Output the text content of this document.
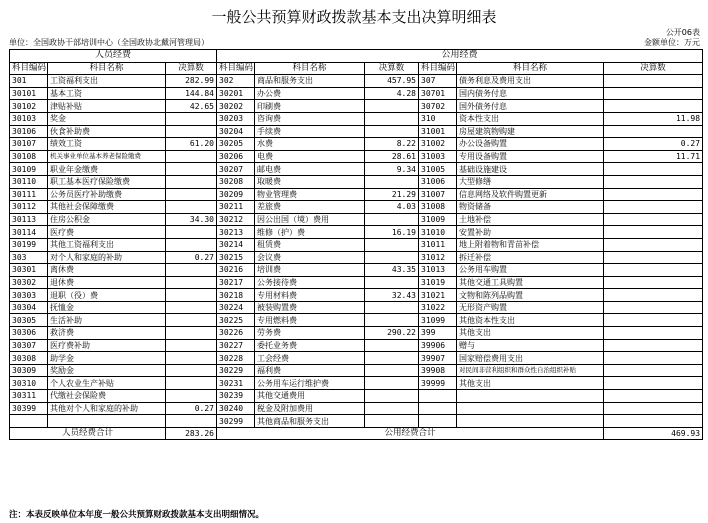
一般公共预算财政拨款基本支出决算明细表
公开06表
单位：全国政协干部培训中心（全国政协北戴河管理局）	金额单位：万元
人员经费			公用经费					
科目编码	科目名称	决算数	科目编码	科目名称	决算数	科目编码	科目名称	决算数
301	工资福利支出	282.99	302	商品和服务支出	457.95	307	债务利息及费用支出	
30101	基本工资	144.84	30201	办公费	4.28	30701	国内债务付息	
30102	津贴补贴	42.65	30202	印刷费		30702	国外债务付息	
30103	奖金		30203	咨询费		310	资本性支出	11.98
30106	伙食补助费		30204	手续费		31001	房屋建筑物购建	
30107	绩效工资	61.20	30205	水费	8.22	31002	办公设备购置	0.27
30108	机关事业单位基本养老保险缴费		30206	电费	28.61	31003	专用设备购置	11.71
30109	职业年金缴费		30207	邮电费	9.34	31005	基础设施建设	
30110	职工基本医疗保险缴费		30208	取暖费		31006	大型修缮	
30111	公务员医疗补助缴费		30209	物业管理费	21.29	31007	信息网络及软件购置更新	
30112	其他社会保障缴费		30211	差旅费	4.03	31008	物资储备	
30113	住房公积金	34.30	30212	因公出国（境）费用		31009	土地补偿	
30114	医疗费		30213	维修（护）费	16.19	31010	安置补助	
30199	其他工资福利支出		30214	租赁费		31011	地上附着物和青苗补偿	
303	对个人和家庭的补助	0.27	30215	会议费		31012	拆迁补偿	
30301	离休费		30216	培训费	43.35	31013	公务用车购置	
30302	退休费		30217	公务接待费		31019	其他交通工具购置	
30303	退职（役）费		30218	专用材料费	32.43	31021	文物和陈列品购置	
30304	抚恤金		30224	被装购置费		31022	无形资产购置	
30305	生活补助		30225	专用燃料费		31099	其他资本性支出	
30306	救济费		30226	劳务费	290.22	399	其他支出	
30307	医疗费补助		30227	委托业务费		39906	赠与	
30308	助学金		30228	工会经费		39907	国家赔偿费用支出	
30309	奖励金		30229	福利费		39908	对民间非营利组织和群众性自治组织补贴	
30310	个人农业生产补贴		30231	公务用车运行维护费		39999	其他支出	
30311	代缴社会保险费		30239	其他交通费用				
30399	其他对个人和家庭的补助	0.27	30240	税金及附加费用				
			30299	其他商品和服务支出				
人员经费合计		283.26	公用经费合计					469.93
注：本表反映单位本年度一般公共预算财政拨款基本支出明细情况。
